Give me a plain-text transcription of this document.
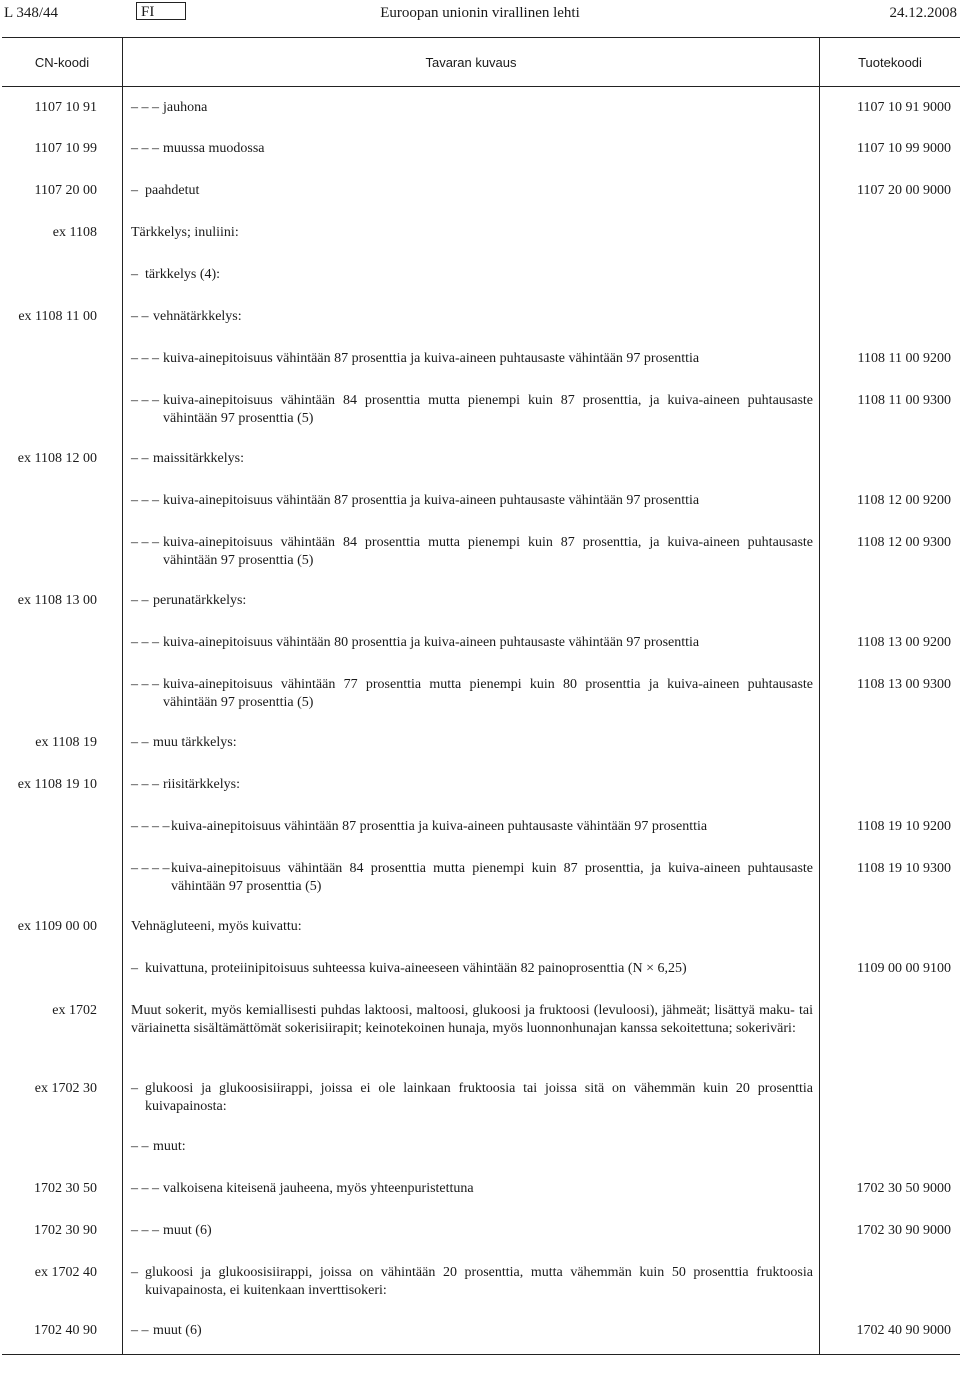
L 348/44	FI	Euroopan unionin virallinen lehti	24.12.2008
CN-koodi	Tavaran kuvaus	Tuotekoodi
1107 10 91	– – – jauhona	1107 10 91 9000
1107 10 99	– – – muussa muodossa	1107 10 99 9000
1107 20 00	– paahdetut	1107 20 00 9000
ex 1108	Tärkkelys; inuliini:	

	– tärkkelys (4):	

ex 1108 11 00	– – vehnätärkkelys:	

	– – – kuiva-ainepitoisuus vähintään 87 prosenttia ja kuiva-aineen puhtausaste vähintään 97 prosenttia	1108 11 00 9200

	– – – kuiva-ainepitoisuus vähintään 84 prosenttia mutta pienempi kuin 87 prosenttia, ja kuiva-aineen puhtausaste vähintään 97 prosenttia (5)	1108 11 00 9300
ex 1108 12 00	– – maissitärkkelys:	

	– – – kuiva-ainepitoisuus vähintään 87 prosenttia ja kuiva-aineen puhtausaste vähintään 97 prosenttia	1108 12 00 9200

	– – – kuiva-ainepitoisuus vähintään 84 prosenttia mutta pienempi kuin 87 prosenttia, ja kuiva-aineen puhtausaste vähintään 97 prosenttia (5)	1108 12 00 9300
ex 1108 13 00	– – perunatärkkelys:	

	– – – kuiva-ainepitoisuus vähintään 80 prosenttia ja kuiva-aineen puhtausaste vähintään 97 prosenttia	1108 13 00 9200

	– – – kuiva-ainepitoisuus vähintään 77 prosenttia mutta pienempi kuin 80 prosenttia ja kuiva-aineen puhtausaste vähintään 97 prosenttia (5)	1108 13 00 9300
ex 1108 19	– – muu tärkkelys:	

ex 1108 19 10	– – – riisitärkkelys:	

	– – – – kuiva-ainepitoisuus vähintään 87 prosenttia ja kuiva-aineen puhtausaste vähintään 97 prosenttia	1108 19 10 9200

	– – – – kuiva-ainepitoisuus vähintään 84 prosenttia mutta pienempi kuin 87 prosenttia, ja kuiva-aineen puhtausaste vähintään 97 prosenttia (5)	1108 19 10 9300
ex 1109 00 00	Vehnägluteeni, myös kuivattu:	

	– kuivattuna, proteiinipitoisuus suhteessa kuiva-aineeseen vähintään 82 painoprosenttia (N × 6,25)	1109 00 00 9100
ex 1702	Muut sokerit, myös kemiallisesti puhdas laktoosi, maltoosi, glukoosi ja fruktoosi (levuloosi), jähmeät; lisättyä maku- tai väriainetta sisältämättömät sokerisiirapit; keinotekoinen hunaja, myös luonnonhunajan kanssa sekoitettuna; sokeriväri:	

ex 1702 30	– glukoosi ja glukoosisiirappi, joissa ei ole lainkaan fruktoosia tai joissa sitä on vähemmän kuin 20 prosenttia kuivapainosta:	

	– – muut:	

1702 30 50	– – – valkoisena kiteisenä jauheena, myös yhteenpuristettuna	1702 30 50 9000
1702 30 90	– – – muut (6)	1702 30 90 9000
ex 1702 40	– glukoosi ja glukoosisiirappi, joissa on vähintään 20 prosenttia, mutta vähemmän kuin 50 prosenttia fruktoosia kuivapainosta, ei kuitenkaan inverttisokeri:	

1702 40 90	– – muut (6)	1702 40 90 9000
